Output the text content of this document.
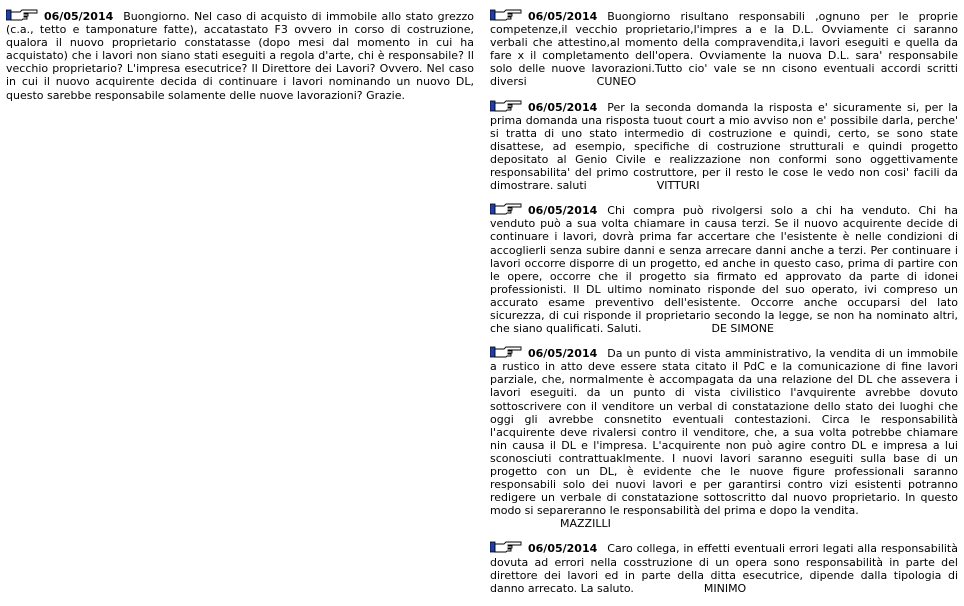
06/05/2014 Buongiorno. Nel caso di acquisto di immobile allo stato grezzo (c.a., tetto e tamponature fatte), accatastato F3 ovvero in corso di costruzione, qualora il nuovo proprietario constatasse (dopo mesi dal momento in cui ha acquistato) che i lavori non siano stati eseguiti a regola d'arte, chi è responsabile? Il vecchio proprietario? L'impresa esecutrice? Il Direttore dei Lavori? Ovvero. Nel caso in cui il nuovo acquirente decida di continuare i lavori nominando un nuovo DL, questo sarebbe responsabile solamente delle nuove lavorazioni? Grazie.
06/05/2014 Buongiorno risultano responsabili ,ognuno per le proprie competenze,il vecchio proprietario,l'impres a e la D.L. Ovviamente ci saranno verbali che attestino,al momento della compravendita,i lavori eseguiti e quella da fare x il completamento dell'opera. Ovviamente la nuova D.L. sara' responsabile solo delle nuove lavorazioni.Tutto cio' vale se nn cisono eventuali accordi scritti diversi	CUNEO
06/05/2014 Per la seconda domanda la risposta e' sicuramente si, per la prima domanda una risposta tuout court a mio avviso non e' possibile darla, perche' si tratta di uno stato intermedio di costruzione e quindi, certo, se sono state disattese, ad esempio, specifiche di costruzione strutturali e quindi progetto depositato al Genio Civile e realizzazione non conformi sono oggettivamente responsabilita' del primo costruttore, per il resto le cose le vedo non cosi' facili da dimostrare. saluti	VITTURI
06/05/2014 Chi compra può rivolgersi solo a chi ha venduto. Chi ha venduto può a sua volta chiamare in causa terzi. Se il nuovo acquirente decide di continuare i lavori, dovrà prima far accertare che l'esistente è nelle condizioni di accoglierli senza subire danni e senza arrecare danni anche a terzi. Per continuare i lavori occorre disporre di un progetto, ed anche in questo caso, prima di partire con le opere, occorre che il progetto sia firmato ed approvato da parte di idonei professionisti. Il DL ultimo nominato risponde del suo operato, ivi compreso un accurato esame preventivo dell'esistente. Occorre anche occuparsi del lato sicurezza, di cui risponde il proprietario secondo la legge, se non ha nominato altri, che siano qualificati. Saluti.	DE SIMONE
06/05/2014 Da un punto di vista amministrativo, la vendita di un immobile a rustico in atto deve essere stata citato il PdC e la comunicazione di fine lavori parziale, che, normalmente è accompagata da una relazione del DL che assevera i lavori eseguiti. da un punto di vista civilistico l'avquirente avrebbe dovuto sottoscrivere con il venditore un verbal di constatazione dello stato dei luoghi che oggi gli avrebbe consnetito eventuali contestazioni. Circa le responsabilità l'acquirente deve rivalersi contro il venditore, che, a sua volta potrebbe chiamare nin causa il DL e l'impresa. L'acquirente non può agire contro DL e impresa a lui sconosciuti contrattuaklmente. I nuovi lavori saranno eseguiti sulla base di un progetto con un DL, è evidente che le nuove figure professionali saranno responsabili solo dei nuovi lavori e per garantirsi contro vizi esistenti potranno redigere un verbale di constatazione sottoscritto dal nuovo proprietario. In questo modo si separeranno le responsabilità del prima e dopo la vendita.
MAZZILLI
06/05/2014 Caro collega, in effetti eventuali errori legati alla responsabilità dovuta ad errori nella cosstruzione di un opera sono responsabilità in parte del direttore dei lavori ed in parte della ditta esecutrice, dipende dalla tipologia di danno arrecato. La saluto.	MINIMO
